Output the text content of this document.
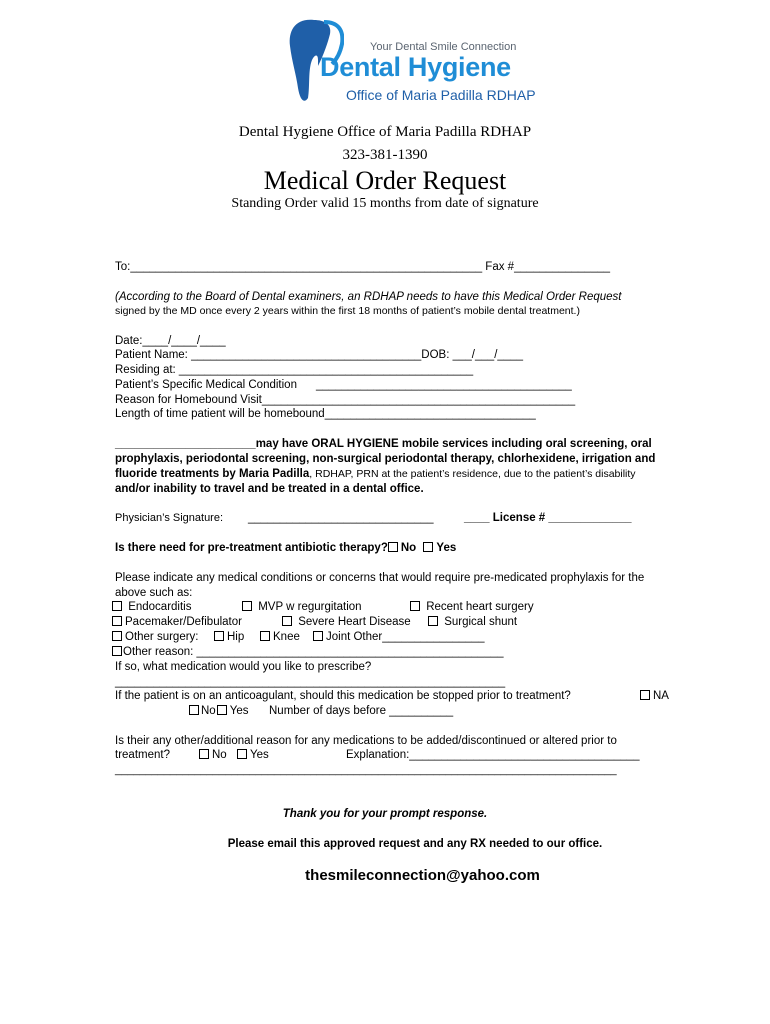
Your Dental Smile Connection
Dental Hygiene
Office of Maria Padilla RDHAP
Dental Hygiene Office of Maria Padilla RDHAP
323-381-1390
Medical Order Request
Standing Order valid 15 months from date of signature
To:_______________________________________________________ Fax #_______________
(According to the Board of Dental examiners, an RDHAP needs to have this Medical Order Request
signed by the MD once every 2 years within the first 18 months of patient’s mobile dental treatment.)
Date:____/____/____
Patient Name: ____________________________________DOB: ___/___/____
Residing at: ______________________________________________
Patient’s Specific Medical Condition ________________________________________
Reason for Homebound Visit_________________________________________________
Length of time patient will be homebound_________________________________
______________________may have ORAL HYGIENE mobile services including oral screening, oral
prophylaxis, periodontal screening, non-surgical periodontal therapy, chlorhexidene, irrigation and
fluoride treatments by Maria Padilla, RDHAP, PRN at the patient’s residence, due to the patient’s disability
and/or inability to travel and be treated in a dental office.
Physician’s Signature: _____________________________	____ License # _____________
Is there need for pre-treatment antibiotic therapy? No Yes
Please indicate any medical conditions or concerns that would require pre-medicated prophylaxis for the
above such as:
Endocarditis	MVP w regurgitation	Recent heart surgery
Pacemaker/Defibulator	Severe Heart Disease	Surgical shunt
Other surgery:	Hip	Knee	Joint Other________________
Other reason: ________________________________________________
If so, what medication would you like to prescribe?
_____________________________________________________________
If the patient is on an anticoagulant, should this medication be stopped prior to treatment?	NA
No Yes Number of days before __________
Is their any other/additional reason for any medications to be added/discontinued or altered prior to
treatment?	No	Yes	Explanation:____________________________________
__________________________________________________________________________________
Thank you for your prompt response.
Please email this approved request and any RX needed to our office.
thesmileconnection@yahoo.com
